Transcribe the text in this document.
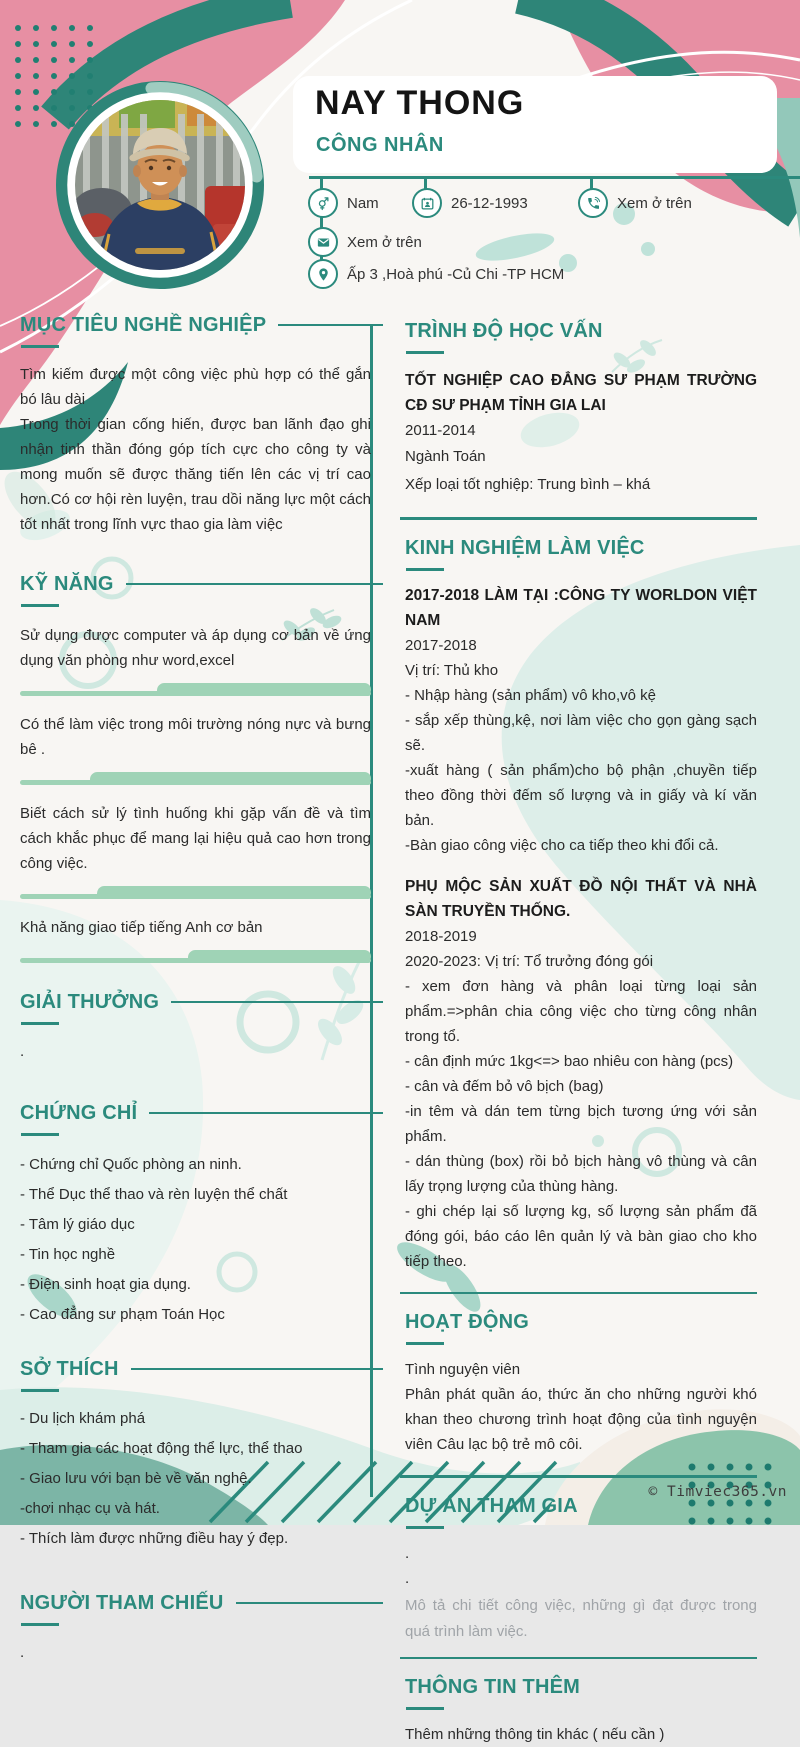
NAY THONG
CÔNG NHÂN
Nam	26-12-1993	Xem ở trên
Xem ở trên
Ấp 3 ,Hoà phú -Củ Chi -TP HCM
MỤC TIÊU NGHỀ NGHIỆP

Tìm kiếm được một công việc phù hợp có thể gắn bó lâu dài

Trong thời gian cống hiến, được ban lãnh đạo ghi nhận tinh thần đóng góp tích cực cho công ty và mong muốn sẽ được thăng tiến lên các vị trí cao hơn.Có cơ hội rèn luyện, trau dồi năng lực một cách tốt nhất trong lĩnh vực thao gia làm việc

KỸ NĂNG
Sử dụng được computer và áp dụng cơ bản về ứng dụng văn phòng như word,excel
Có thể làm việc trong môi trường nóng nực và bưng bê .
Biết cách sử lý tình huống khi gặp vấn đề và tìm cách khắc phục để mang lại hiệu quả cao hơn trong công việc.
Khả năng giao tiếp tiếng Anh cơ bản
GIẢI THƯỞNG
.
CHỨNG CHỈ
- Chứng chỉ Quốc phòng an ninh.
- Thể Dục thể thao và rèn luyện thể chất
- Tâm lý giáo dục
- Tin học nghề
- Điện sinh hoạt gia dụng.
- Cao đẳng sư phạm Toán Học
SỞ THÍCH
- Du lịch khám phá
- Tham gia các hoạt động thể lực, thể thao
- Giao lưu với bạn bè về văn nghệ.
-chơi nhạc cụ và hát.
- Thích làm được những điều hay ý đẹp.
NGƯỜI THAM CHIẾU
.
TRÌNH ĐỘ HỌC VẤN
TỐT NGHIỆP CAO ĐẲNG SƯ PHẠM TRƯỜNG CĐ SƯ PHẠM TỈNH GIA LAI
2011-2014
Ngành Toán
Xếp loại tốt nghiệp: Trung bình – khá
KINH NGHIỆM LÀM VIỆC
2017-2018 LÀM TẠI :CÔNG TY WORLDON VIỆT NAM
2017-2018
Vị trí: Thủ kho
- Nhập hàng (sản phẩm) vô kho,vô kệ
- sắp xếp thùng,kệ, nơi làm việc cho gọn gàng sạch sẽ.
-xuất hàng ( sản phẩm)cho bộ phận ,chuyền tiếp theo đồng thời đếm số lượng và in giấy và kí văn bản.
-Bàn giao công việc cho ca tiếp theo khi đổi cả.
PHỤ MỘC SẢN XUẤT ĐỒ NỘI THẤT VÀ NHÀ SÀN TRUYỀN THỐNG.
2018-2019
2020-2023: Vị trí: Tổ trưởng đóng gói
- xem đơn hàng và phân loại từng loại sản phẩm.=>phân chia công việc cho từng công nhân trong tổ.
- cân định mức 1kg<=> bao nhiêu con hàng (pcs)
- cân và đếm bỏ vô bịch (bag)
-in têm và dán tem từng bịch tương ứng với sản phẩm.
- dán thùng (box) rồi bỏ bịch hàng vô thùng và cân lấy trọng lượng của thùng hàng.
- ghi chép lại số lượng kg, số lượng sản phẩm đã đóng gói, báo cáo lên quản lý và bàn giao cho kho tiếp theo.
HOẠT ĐỘNG
Tình nguyện viên
Phân phát quần áo, thức ăn cho những người khó khan theo chương trình hoạt động của tình nguyện viên Câu lạc bộ trẻ mô côi.
DỰ ÁN THAM GIA
.
.
Mô tả chi tiết công việc, những gì đạt được trong quá trình làm việc.
THÔNG TIN THÊM
Thêm những thông tin khác ( nếu cần )
© Timviec365.vn
